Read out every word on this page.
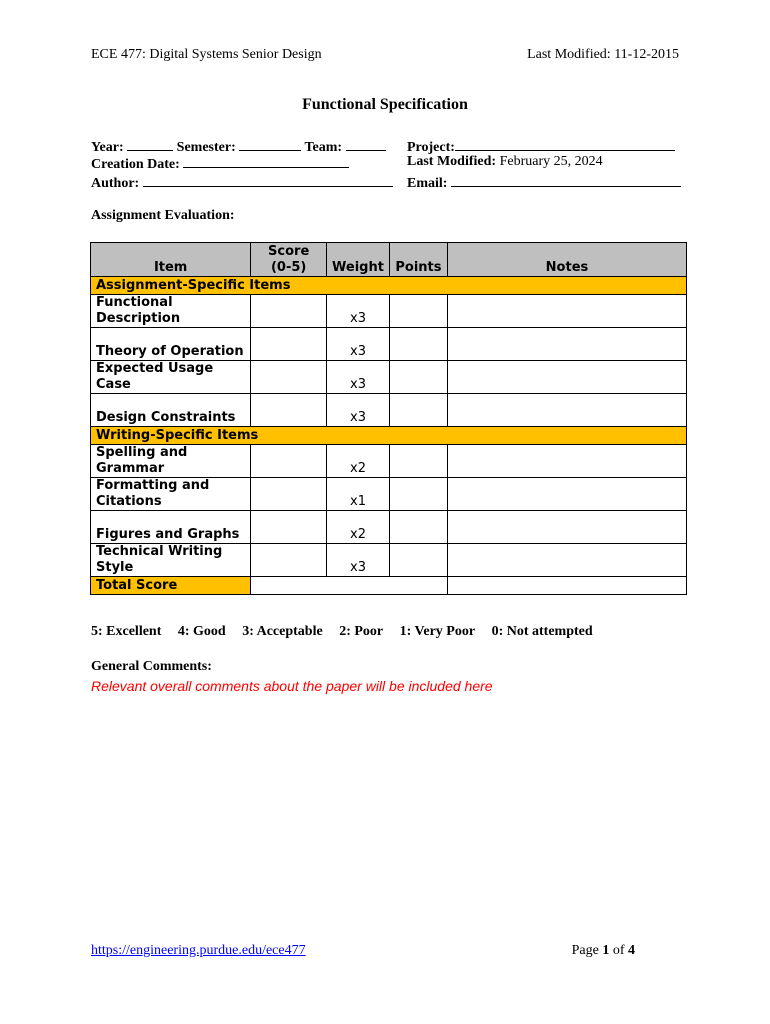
ECE 477: Digital Systems Senior Design	Last Modified: 11-12-2015
Functional Specification
Year:	Semester:	Team:	Project:
Creation Date:	Last Modified: February 25, 2024
Author:	Email:
Assignment Evaluation:
Item	Score (0-5)	Weight	Points	Notes
Assignment-Specific Items				
Functional Description		x3		
Theory of Operation		x3		
Expected Usage Case		x3		
Design Constraints		x3		
Writing-Specific Items				
Spelling and Grammar		x2		
Formatting and Citations		x1		
Figures and Graphs		x2		
Technical Writing Style		x3		
Total Score				
5: Excellent 4: Good 3: Acceptable 2: Poor 1: Very Poor 0: Not attempted
General Comments:
Relevant overall comments about the paper will be included here
https://engineering.purdue.edu/ece477	Page 1 of 4
